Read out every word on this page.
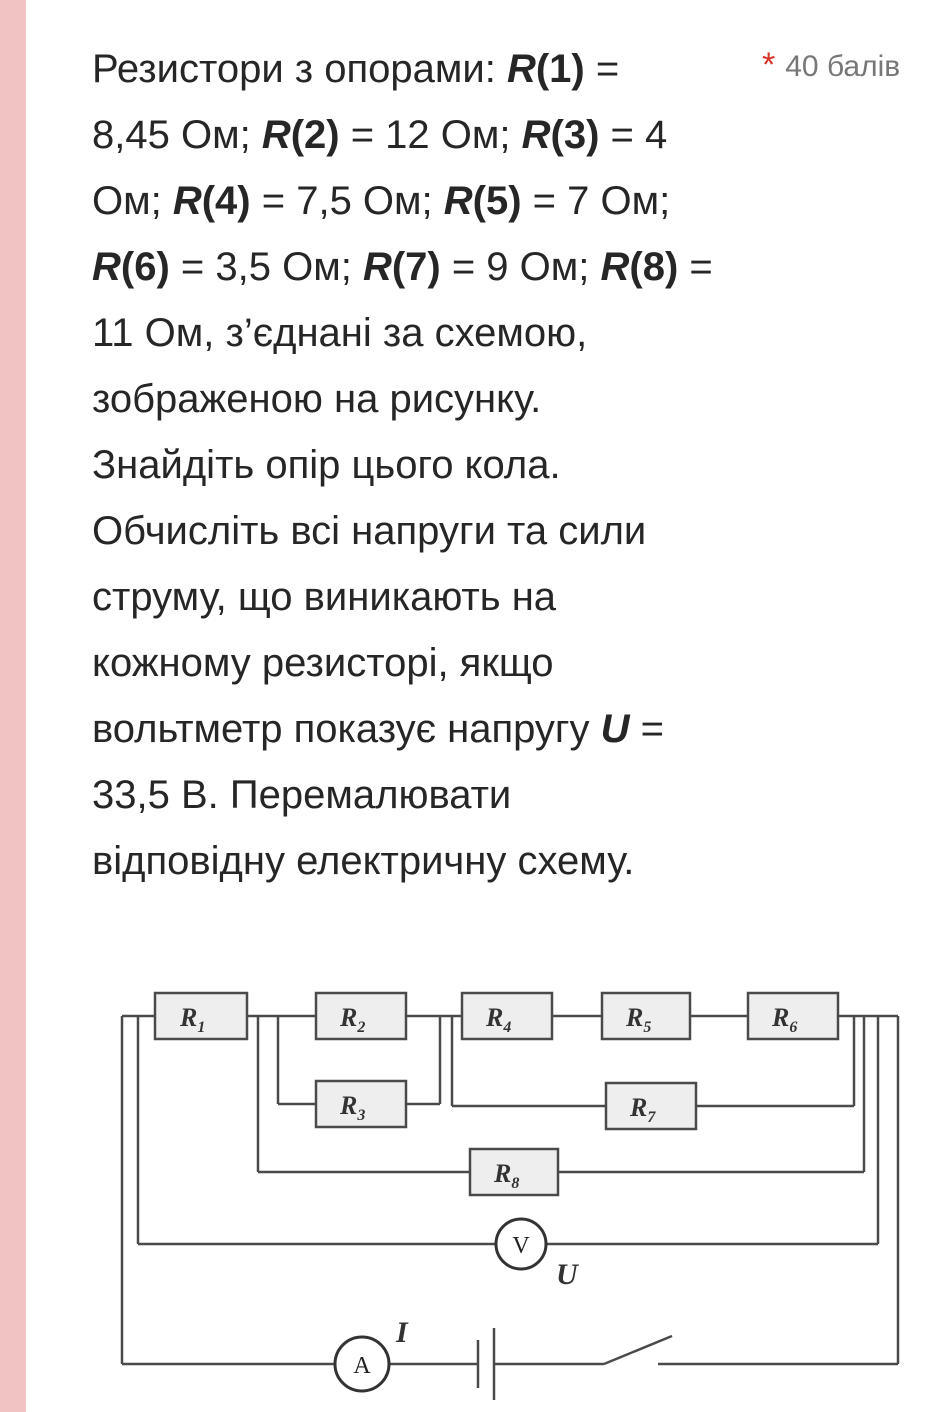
Резистори з опорами: R(1) =

8,45 Ом; R(2) = 12 Ом; R(3) = 4

Ом; R(4) = 7,5 Ом; R(5) = 7 Ом;

R(6) = 3,5 Ом; R(7) = 9 Ом; R(8) =

11 Ом, з’єднані за схемою,

зображеною на рисунку.

Знайдіть опір цього кола.

Обчисліть всі напруги та сили

струму, що виникають на

кожному резисторі, якщо

вольтметр показує напругу U =

33,5 В. Перемалювати

відповідну електричну схему.

* 40 балів
$R_1$	$R_2$
$R_3$
$R_4$	$R_5$	$R_6$
$R_7$
$R_8$
V
U
A
I
